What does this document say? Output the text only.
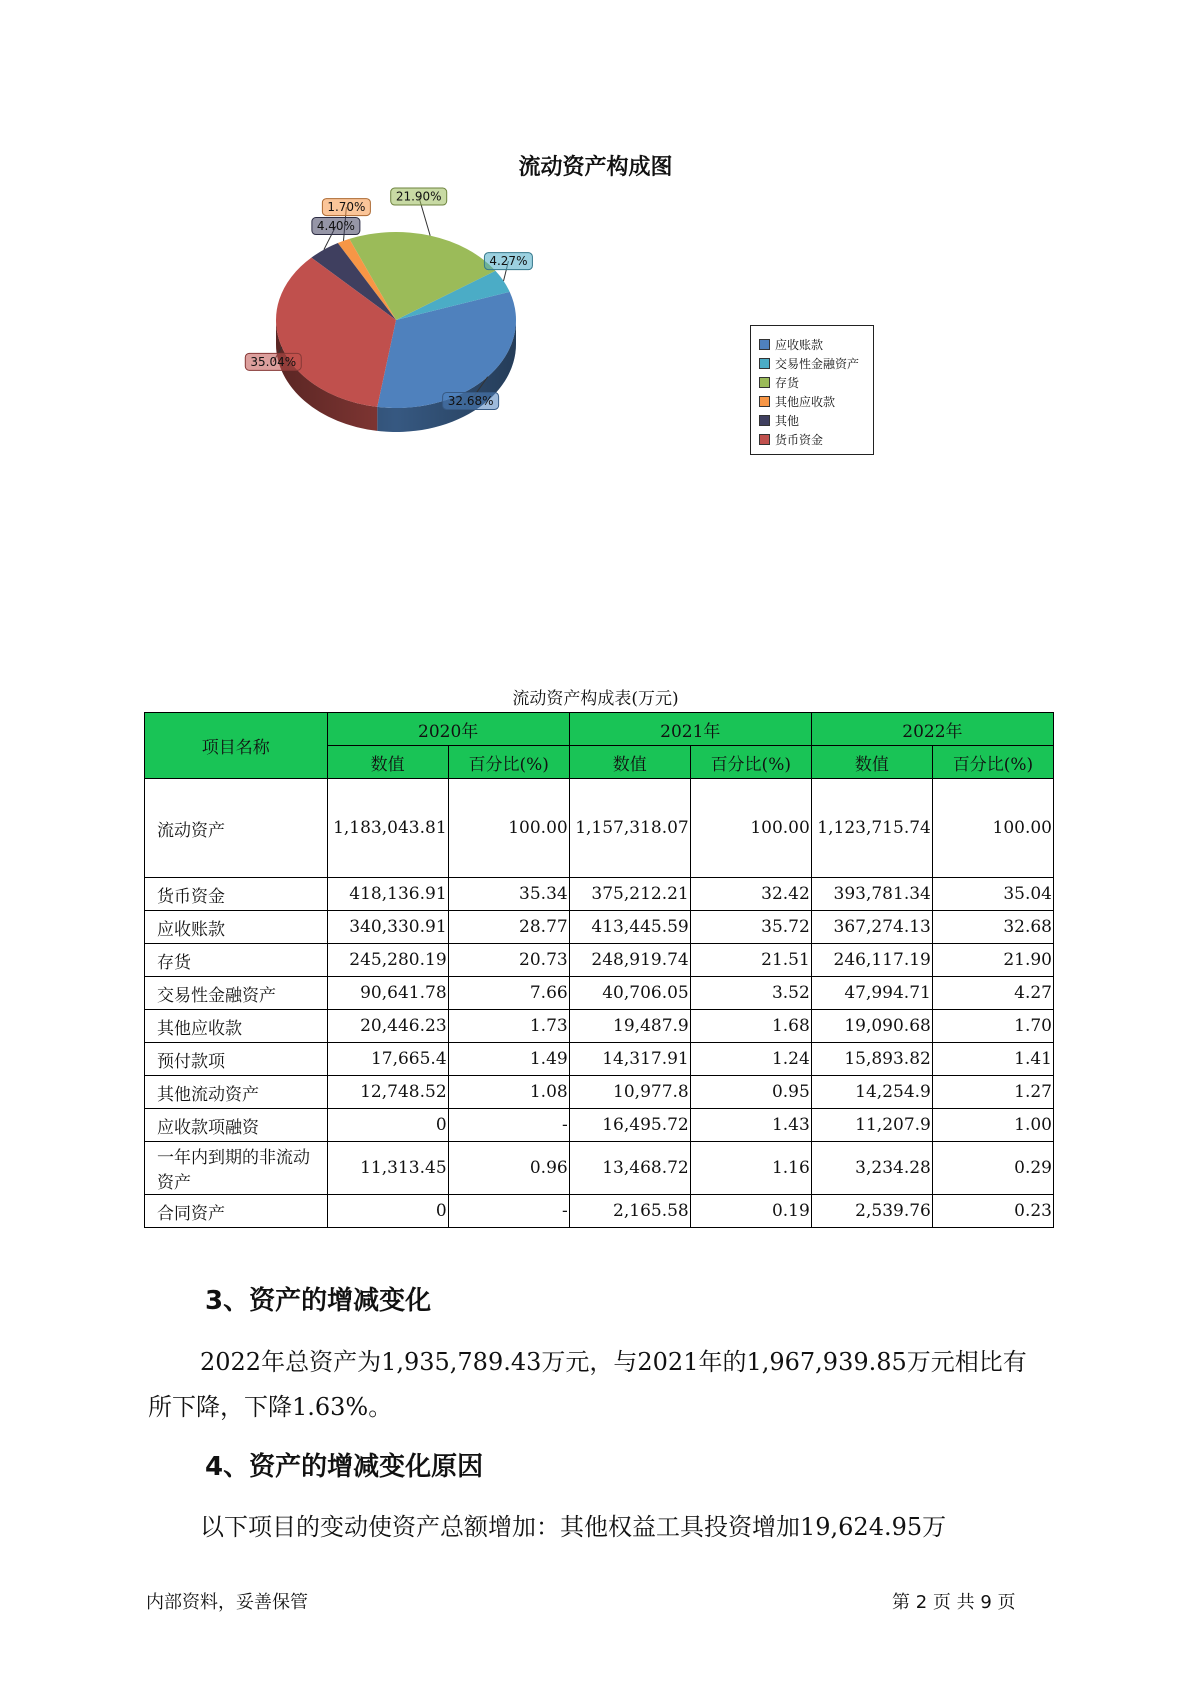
流动资产构成图
32.68%
4.27%
21.90%
1.70%
4.40%
35.04%
应收账款
交易性金融资产
存货
其他应收款
其他
货币资金
流动资产构成表(万元)
项目名称	2020年		2021年		2022年	
	数值	百分比(%)	数值	百分比(%)	数值	百分比(%)
流动资产	1,183,043.81	100.00	1,157,318.07	100.00	1,123,715.74	100.00
货币资金	418,136.91	35.34	375,212.21	32.42	393,781.34	35.04
应收账款	340,330.91	28.77	413,445.59	35.72	367,274.13	32.68
存货	245,280.19	20.73	248,919.74	21.51	246,117.19	21.90
交易性金融资产	90,641.78	7.66	40,706.05	3.52	47,994.71	4.27
其他应收款	20,446.23	1.73	19,487.9	1.68	19,090.68	1.70
预付款项	17,665.4	1.49	14,317.91	1.24	15,893.82	1.41
其他流动资产	12,748.52	1.08	10,977.8	0.95	14,254.9	1.27
应收款项融资	0	-	16,495.72	1.43	11,207.9	1.00
一年内到期的非流动资产	11,313.45	0.96	13,468.72	1.16	3,234.28	0.29
合同资产	0	-	2,165.58	0.19	2,539.76	0.23
3、资产的增减变化
2022年总资产为1,935,789.43万元，与2021年的1,967,939.85万元相比有所下降，下降1.63%。
4、资产的增减变化原因
以下项目的变动使资产总额增加：其他权益工具投资增加19,624.95万
内部资料，妥善保管	第 2 页 共 9 页
